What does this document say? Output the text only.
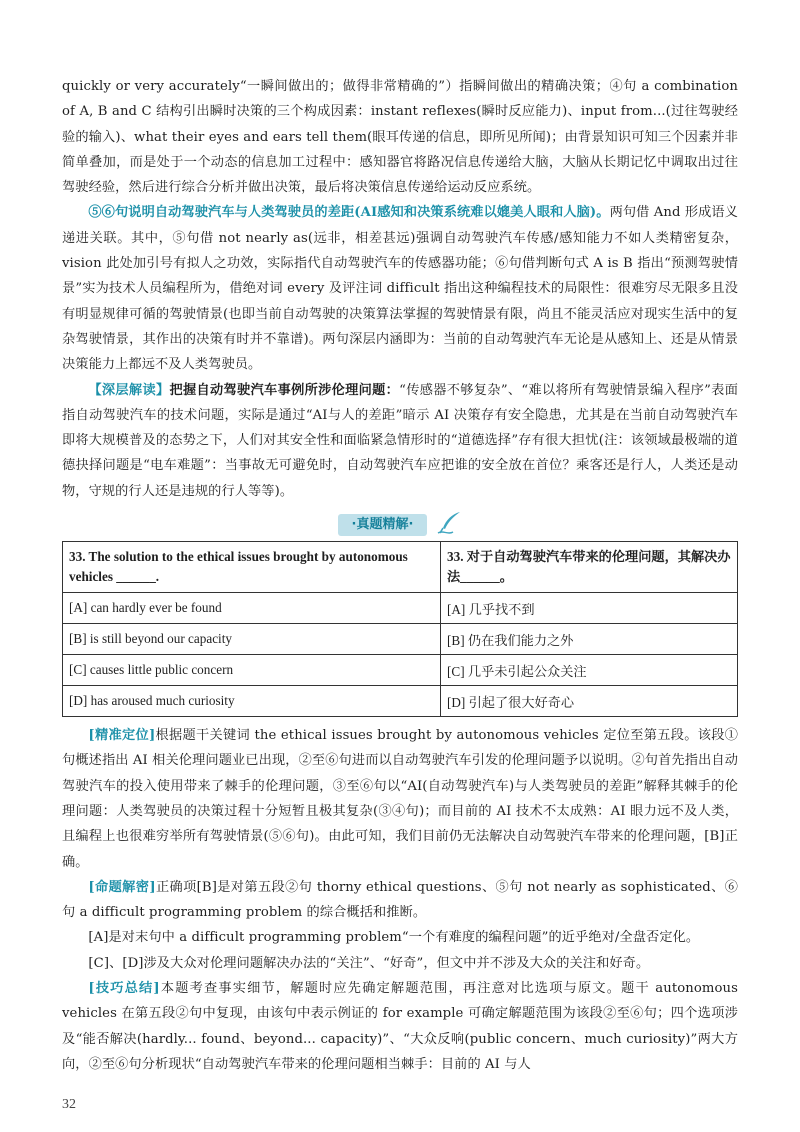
quickly or very accurately“一瞬间做出的；做得非常精确的”）指瞬间做出的精确决策；④句 a combination of A, B and C 结构引出瞬时决策的三个构成因素：instant reflexes(瞬时反应能力)、input from...(过往驾驶经验的输入)、what their eyes and ears tell them(眼耳传递的信息，即所见所闻)；由背景知识可知三个因素并非简单叠加，而是处于一个动态的信息加工过程中：感知器官将路况信息传递给大脑，大脑从长期记忆中调取出过往驾驶经验，然后进行综合分析并做出决策，最后将决策信息传递给运动反应系统。

⑤⑥句说明自动驾驶汽车与人类驾驶员的差距(AI感知和决策系统难以媲美人眼和人脑)。两句借 And 形成语义递进关联。其中，⑤句借 not nearly as(远非，相差甚远)强调自动驾驶汽车传感/感知能力不如人类精密复杂，vision 此处加引号有拟人之功效，实际指代自动驾驶汽车的传感器功能；⑥句借判断句式 A is B 指出“预测驾驶情景”实为技术人员编程所为，借绝对词 every 及评注词 difficult 指出这种编程技术的局限性：很难穷尽无限多且没有明显规律可循的驾驶情景(也即当前自动驾驶的决策算法掌握的驾驶情景有限，尚且不能灵活应对现实生活中的复杂驾驶情景，其作出的决策有时并不靠谱)。两句深层内涵即为：当前的自动驾驶汽车无论是从感知上、还是从情景决策能力上都远不及人类驾驶员。

【深层解读】把握自动驾驶汽车事例所涉伦理问题：“传感器不够复杂”、“难以将所有驾驶情景编入程序”表面指自动驾驶汽车的技术问题，实际是通过“AI与人的差距”暗示 AI 决策存有安全隐患，尤其是在当前自动驾驶汽车即将大规模普及的态势之下，人们对其安全性和面临紧急情形时的“道德选择”存有很大担忧(注：该领域最极端的道德抉择问题是“电车难题”：当事故无可避免时，自动驾驶汽车应把谁的安全放在首位？乘客还是行人，人类还是动物，守规的行人还是违规的行人等等)。

·真题精解·
33. The solution to the ethical issues brought by autonomous vehicles ______.	33. 对于自动驾驶汽车带来的伦理问题，其解决办法______。
[A] can hardly ever be found	[A] 几乎找不到
[B] is still beyond our capacity	[B] 仍在我们能力之外
[C] causes little public concern	[C] 几乎未引起公众关注
[D] has aroused much curiosity	[D] 引起了很大好奇心

[精准定位]根据题干关键词 the ethical issues brought by autonomous vehicles 定位至第五段。该段①句概述指出 AI 相关伦理问题业已出现，②至⑥句进而以自动驾驶汽车引发的伦理问题予以说明。②句首先指出自动驾驶汽车的投入使用带来了棘手的伦理问题，③至⑥句以“AI(自动驾驶汽车)与人类驾驶员的差距”解释其棘手的伦理问题：人类驾驶员的决策过程十分短暂且极其复杂(③④句)；而目前的 AI 技术不太成熟：AI 眼力远不及人类，且编程上也很难穷举所有驾驶情景(⑤⑥句)。由此可知，我们目前仍无法解决自动驾驶汽车带来的伦理问题，[B]正确。

[命题解密]正确项[B]是对第五段②句 thorny ethical questions、⑤句 not nearly as sophisticated、⑥句 a difficult programming problem 的综合概括和推断。

[A]是对末句中 a difficult programming problem“一个有难度的编程问题”的近乎绝对/全盘否定化。

[C]、[D]涉及大众对伦理问题解决办法的“关注”、“好奇”，但文中并不涉及大众的关注和好奇。

[技巧总结]本题考查事实细节，解题时应先确定解题范围，再注意对比选项与原文。题干 autonomous vehicles 在第五段②句中复现，由该句中表示例证的 for example 可确定解题范围为该段②至⑥句；四个选项涉及“能否解决(hardly... found、beyond... capacity)”、“大众反响(public concern、much curiosity)”两大方向，②至⑥句分析现状“自动驾驶汽车带来的伦理问题相当棘手：目前的 AI 与人

32
